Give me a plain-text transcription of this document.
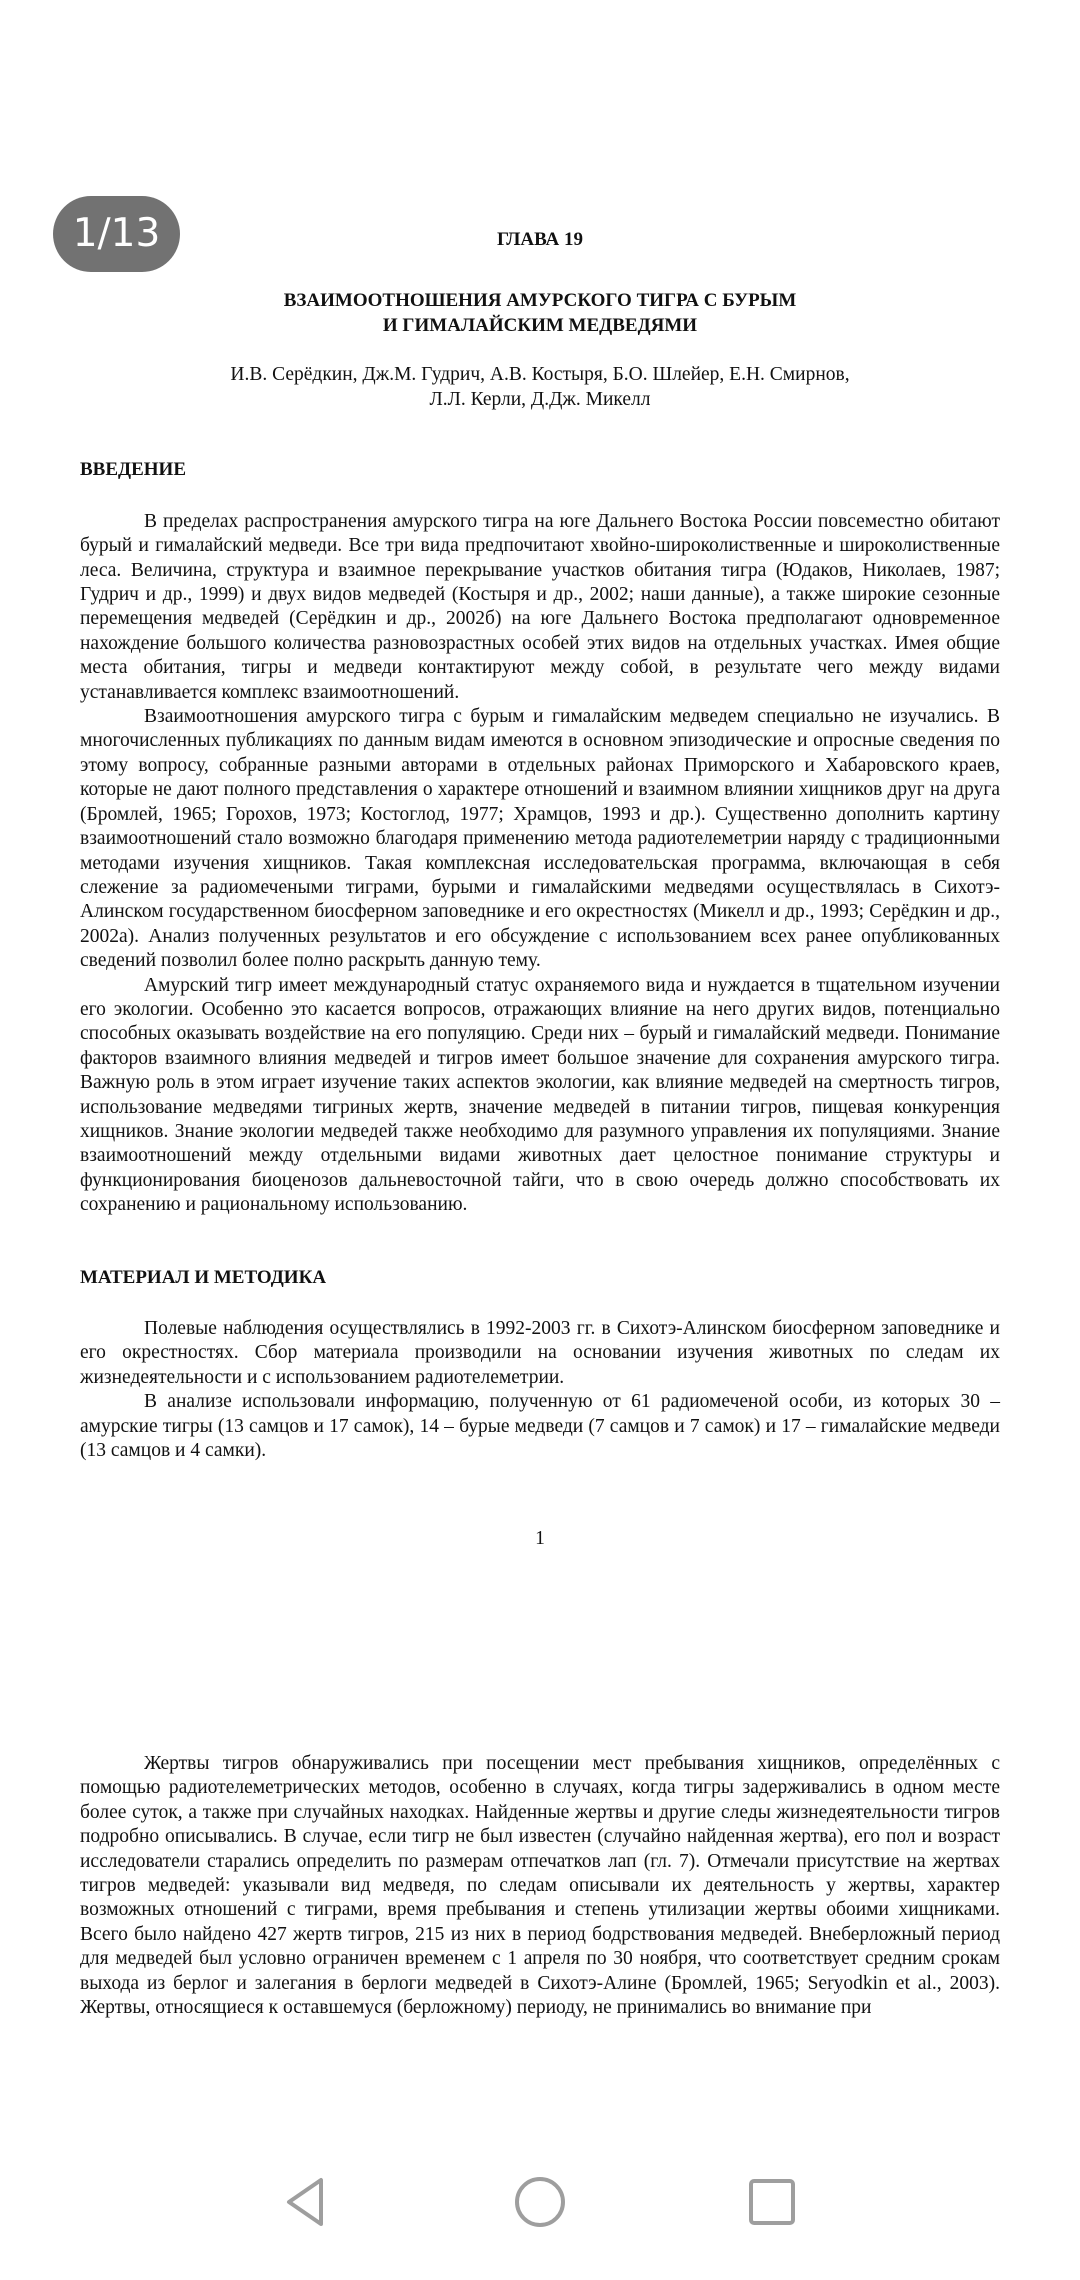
ГЛАВА 19

ВЗАИМООТНОШЕНИЯ АМУРСКОГО ТИГРА С БУРЫМ
И ГИМАЛАЙСКИМ МЕДВЕДЯМИ
И.В. Серёдкин, Дж.М. Гудрич, А.В. Костыря, Б.О. Шлейер, Е.Н. Смирнов,
Л.Л. Керли, Д.Дж. Микелл

ВВЕДЕНИЕ

В пределах распространения амурского тигра на юге Дальнего Востока России повсеместно обитают бурый и гималайский медведи. Все три вида предпочитают хвойно-широколиственные и широколиственные леса. Величина, структура и взаимное перекрывание участков обитания тигра (Юдаков, Николаев, 1987; Гудрич и др., 1999) и двух видов медведей (Костыря и др., 2002; наши данные), а также широкие сезонные перемещения медведей (Серёдкин и др., 2002б) на юге Дальнего Востока предполагают одновременное нахождение большого количества разновозрастных особей этих видов на отдельных участках. Имея общие места обитания, тигры и медведи контактируют между собой, в результате чего между видами устанавливается комплекс взаимоотношений.

Взаимоотношения амурского тигра с бурым и гималайским медведем специально не изучались. В многочисленных публикациях по данным видам имеются в основном эпизодические и опросные сведения по этому вопросу, собранные разными авторами в отдельных районах Приморского и Хабаровского краев, которые не дают полного представления о характере отношений и взаимном влиянии хищников друг на друга (Бромлей, 1965; Горохов, 1973; Костоглод, 1977; Храмцов, 1993 и др.). Существенно дополнить картину взаимоотношений стало возможно благодаря применению метода радиотелеметрии наряду с традиционными методами изучения хищников. Такая комплексная исследовательская программа, включающая в себя слежение за радиомечеными тиграми, бурыми и гималайскими медведями осуществлялась в Сихотэ-Алинском государственном биосферном заповеднике и его окрестностях (Микелл и др., 1993; Серёдкин и др., 2002а). Анализ полученных результатов и его обсуждение с использованием всех ранее опубликованных сведений позволил более полно раскрыть данную тему.

Амурский тигр имеет международный статус охраняемого вида и нуждается в тщательном изучении его экологии. Особенно это касается вопросов, отражающих влияние на него других видов, потенциально способных оказывать воздействие на его популяцию. Среди них – бурый и гималайский медведи. Понимание факторов взаимного влияния медведей и тигров имеет большое значение для сохранения амурского тигра. Важную роль в этом играет изучение таких аспектов экологии, как влияние медведей на смертность тигров, использование медведями тигриных жертв, значение медведей в питании тигров, пищевая конкуренция хищников. Знание экологии медведей также необходимо для разумного управления их популяциями. Знание взаимоотношений между отдельными видами животных дает целостное понимание структуры и функционирования биоценозов дальневосточной тайги, что в свою очередь должно способствовать их сохранению и рациональному использованию.

МАТЕРИАЛ И МЕТОДИКА

Полевые наблюдения осуществлялись в 1992-2003 гг. в Сихотэ-Алинском биосферном заповеднике и его окрестностях. Сбор материала производили на основании изучения животных по следам их жизнедеятельности и с использованием радиотелеметрии.

В анализе использовали информацию, полученную от 61 радиомеченой особи, из которых 30 – амурские тигры (13 самцов и 17 самок), 14 – бурые медведи (7 самцов и 7 самок) и 17 – гималайские медведи (13 самцов и 4 самки).

1

Жертвы тигров обнаруживались при посещении мест пребывания хищников, определённых с помощью радиотелеметрических методов, особенно в случаях, когда тигры задерживались в одном месте более суток, а также при случайных находках. Найденные жертвы и другие следы жизнедеятельности тигров подробно описывались. В случае, если тигр не был известен (случайно найденная жертва), его пол и возраст исследователи старались определить по размерам отпечатков лап (гл. 7). Отмечали присутствие на жертвах тигров медведей: указывали вид медведя, по следам описывали их деятельность у жертвы, характер возможных отношений с тиграми, время пребывания и степень утилизации жертвы обоими хищниками. Всего было найдено 427 жертв тигров, 215 из них в период бодрствования медведей. Внеберложный период для медведей был условно ограничен временем с 1 апреля по 30 ноября, что соответствует средним срокам выхода из берлог и залегания в берлоги медведей в Сихотэ-Алине (Бромлей, 1965; Seryodkin et al., 2003). Жертвы, относящиеся к оставшемуся (берложному) периоду, не принимались во внимание при

1/13
